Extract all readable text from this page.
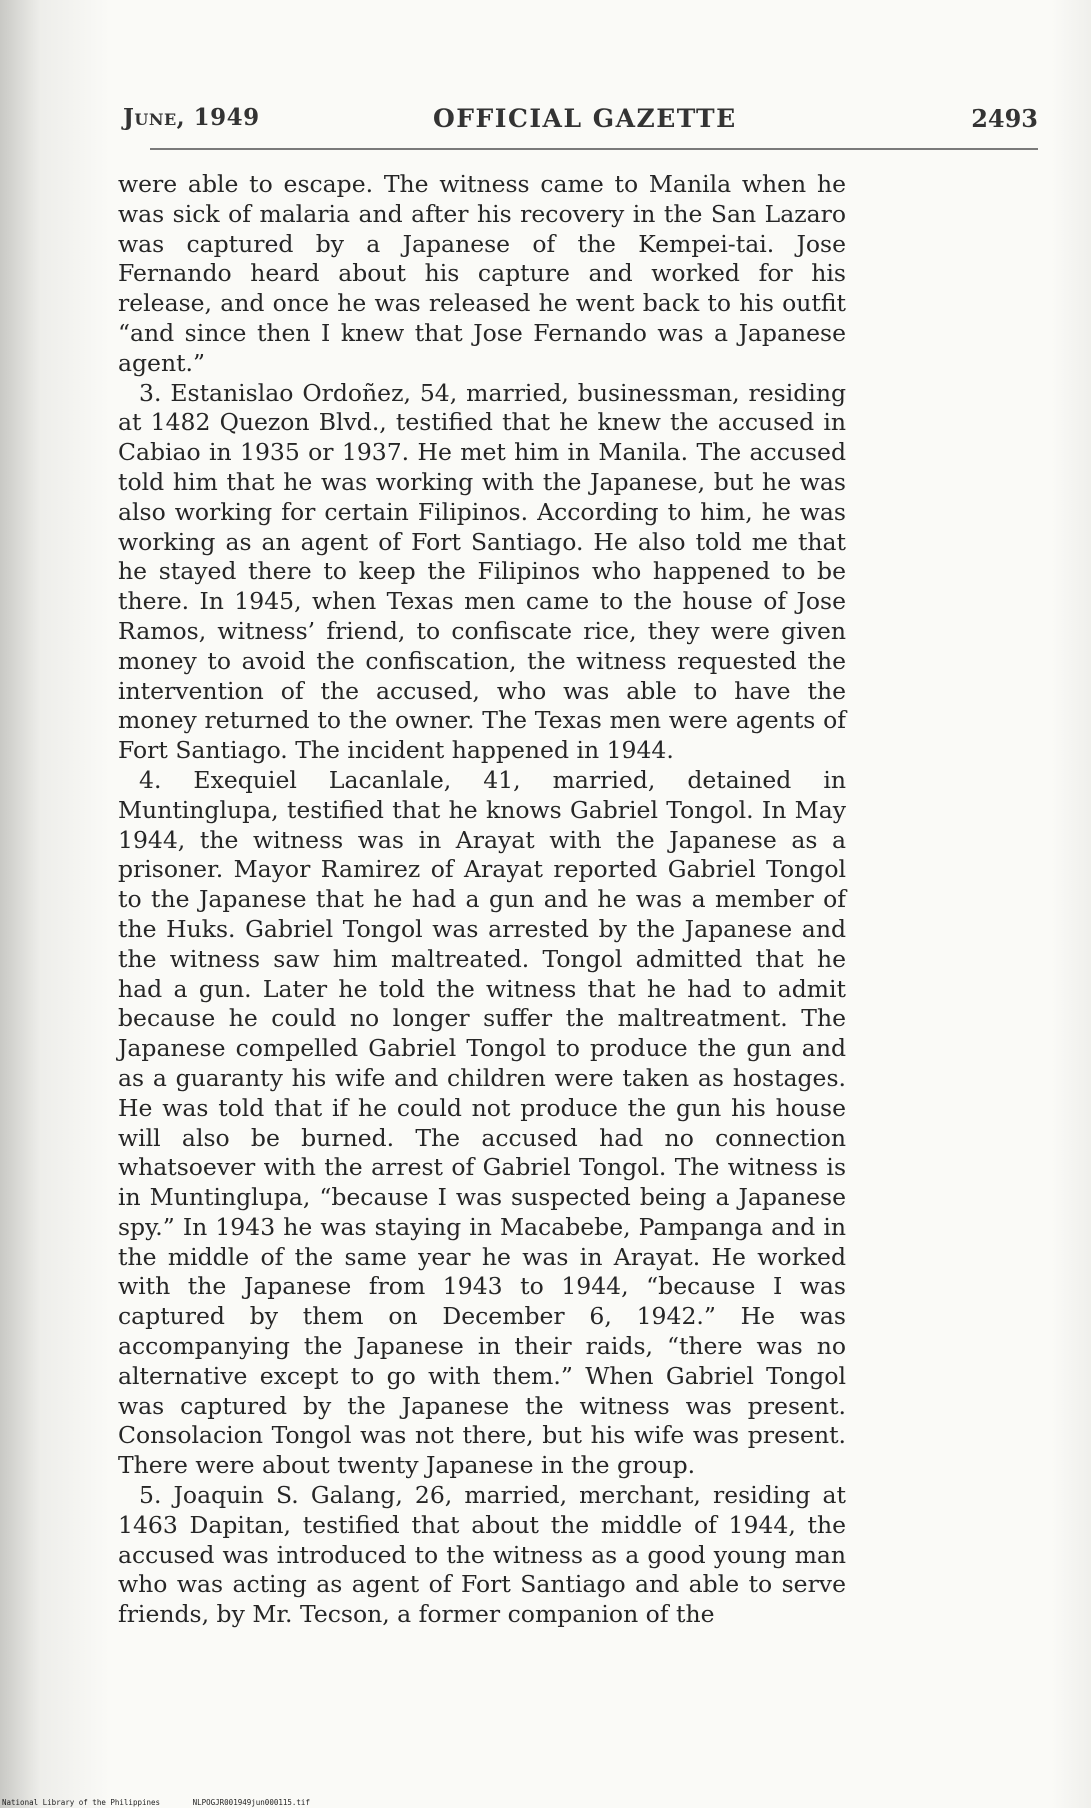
June, 1949	OFFICIAL GAZETTE	2493

were able to escape. The witness came to Manila when he was sick of malaria and after his recovery in the San Lazaro was captured by a Japanese of the Kempei-tai. Jose Fernando heard about his capture and worked for his release, and once he was released he went back to his outfit “and since then I knew that Jose Fernando was a Japanese agent.”

3. Estanislao Ordoñez, 54, married, businessman, residing at 1482 Quezon Blvd., testified that he knew the accused in Cabiao in 1935 or 1937. He met him in Manila. The accused told him that he was working with the Japanese, but he was also working for certain Filipinos. According to him, he was working as an agent of Fort Santiago. He also told me that he stayed there to keep the Filipinos who happened to be there. In 1945, when Texas men came to the house of Jose Ramos, witness’ friend, to confiscate rice, they were given money to avoid the confiscation, the witness requested the intervention of the accused, who was able to have the money returned to the owner. The Texas men were agents of Fort Santiago. The incident happened in 1944.

4. Exequiel Lacanlale, 41, married, detained in Muntinglupa, testified that he knows Gabriel Tongol. In May 1944, the witness was in Arayat with the Japanese as a prisoner. Mayor Ramirez of Arayat reported Gabriel Tongol to the Japanese that he had a gun and he was a member of the Huks. Gabriel Tongol was arrested by the Japanese and the witness saw him maltreated. Tongol admitted that he had a gun. Later he told the witness that he had to admit because he could no longer suffer the maltreatment. The Japanese compelled Gabriel Tongol to produce the gun and as a guaranty his wife and children were taken as hostages. He was told that if he could not produce the gun his house will also be burned. The accused had no connection whatsoever with the arrest of Gabriel Tongol. The witness is in Muntinglupa, “because I was suspected being a Japanese spy.” In 1943 he was staying in Macabebe, Pampanga and in the middle of the same year he was in Arayat. He worked with the Japanese from 1943 to 1944, “because I was captured by them on December 6, 1942.” He was accompanying the Japanese in their raids, “there was no alternative except to go with them.” When Gabriel Tongol was captured by the Japanese the witness was present. Consolacion Tongol was not there, but his wife was present. There were about twenty Japanese in the group.

5. Joaquin S. Galang, 26, married, merchant, residing at 1463 Dapitan, testified that about the middle of 1944, the accused was introduced to the witness as a good young man who was acting as agent of Fort Santiago and able to serve friends, by Mr. Tecson, a former companion of the

National Library of the Philippines	NLPOGJR001949jun000115.tif
